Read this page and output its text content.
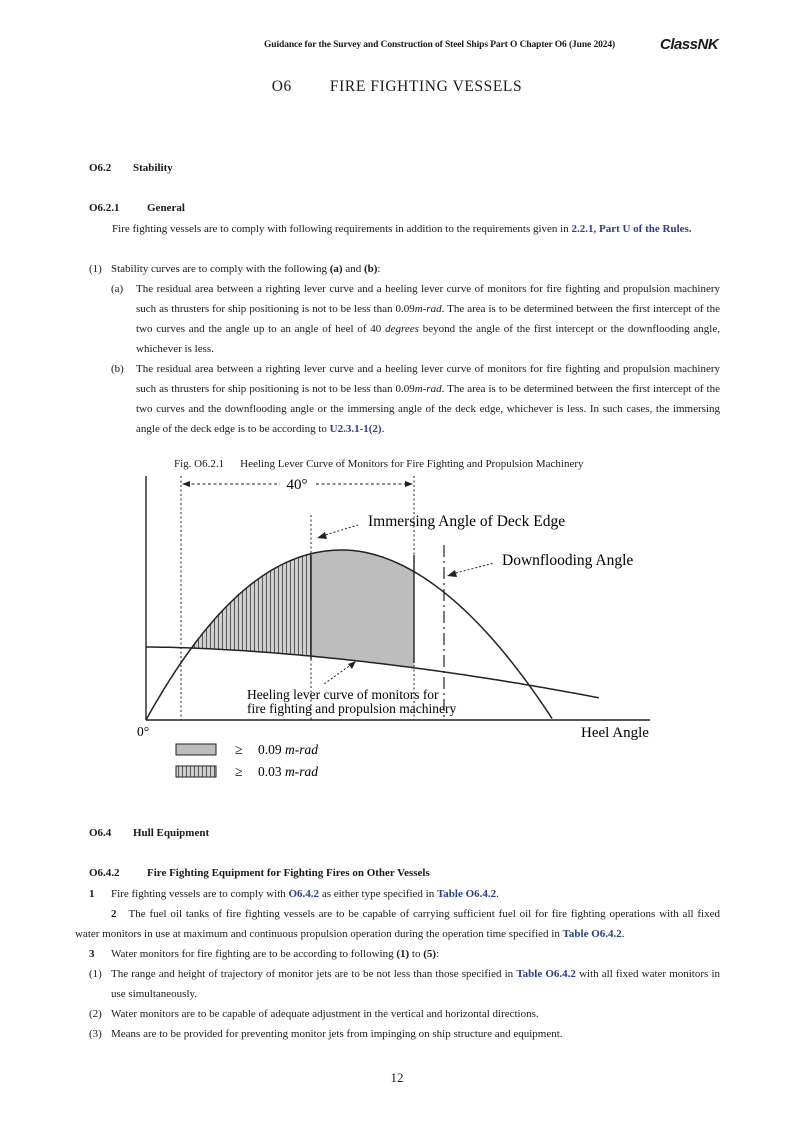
Guidance for the Survey and Construction of Steel Ships Part O Chapter O6 (June 2024)	ClassNK
O6 FIRE FIGHTING VESSELS
O6.2 Stability
O6.2.1 General
Fire fighting vessels are to comply with following requirements in addition to the requirements given in 2.2.1, Part U of the Rules.
(1) Stability curves are to comply with the following (a) and (b):
(a) The residual area between a righting lever curve and a heeling lever curve of monitors for fire fighting and propulsion machinery such as thrusters for ship positioning is not to be less than 0.09m-rad. The area is to be determined between the first intercept of the two curves and the angle up to an angle of heel of 40 degrees beyond the angle of the first intercept or the downflooding angle, whichever is less.
(b) The residual area between a righting lever curve and a heeling lever curve of monitors for fire fighting and propulsion machinery such as thrusters for ship positioning is not to be less than 0.09m-rad. The area is to be determined between the first intercept of the two curves and the downflooding angle or the immersing angle of the deck edge, whichever is less. In such cases, the immersing angle of the deck edge is to be according to U2.3.1-1(2).
Fig. O6.2.1 Heeling Lever Curve of Monitors for Fire Fighting and Propulsion Machinery
40°
Immersing Angle of Deck Edge
Downflooding Angle
Heeling lever curve of monitors for
fire fighting and propulsion machinery
0°	Heel Angle
≥ 0.09 m-rad
≥ 0.03 m-rad
O6.4 Hull Equipment
O6.4.2 Fire Fighting Equipment for Fighting Fires on Other Vessels
1 Fire fighting vessels are to comply with O6.4.2 as either type specified in Table O6.4.2.
2 The fuel oil tanks of fire fighting vessels are to be capable of carrying sufficient fuel oil for fire fighting operations with all fixed water monitors in use at maximum and continuous propulsion operation during the operation time specified in Table O6.4.2.
3 Water monitors for fire fighting are to be according to following (1) to (5):
(1) The range and height of trajectory of monitor jets are to be not less than those specified in Table O6.4.2 with all fixed water monitors in use simultaneously.
(2) Water monitors are to be capable of adequate adjustment in the vertical and horizontal directions.
(3) Means are to be provided for preventing monitor jets from impinging on ship structure and equipment.
12
